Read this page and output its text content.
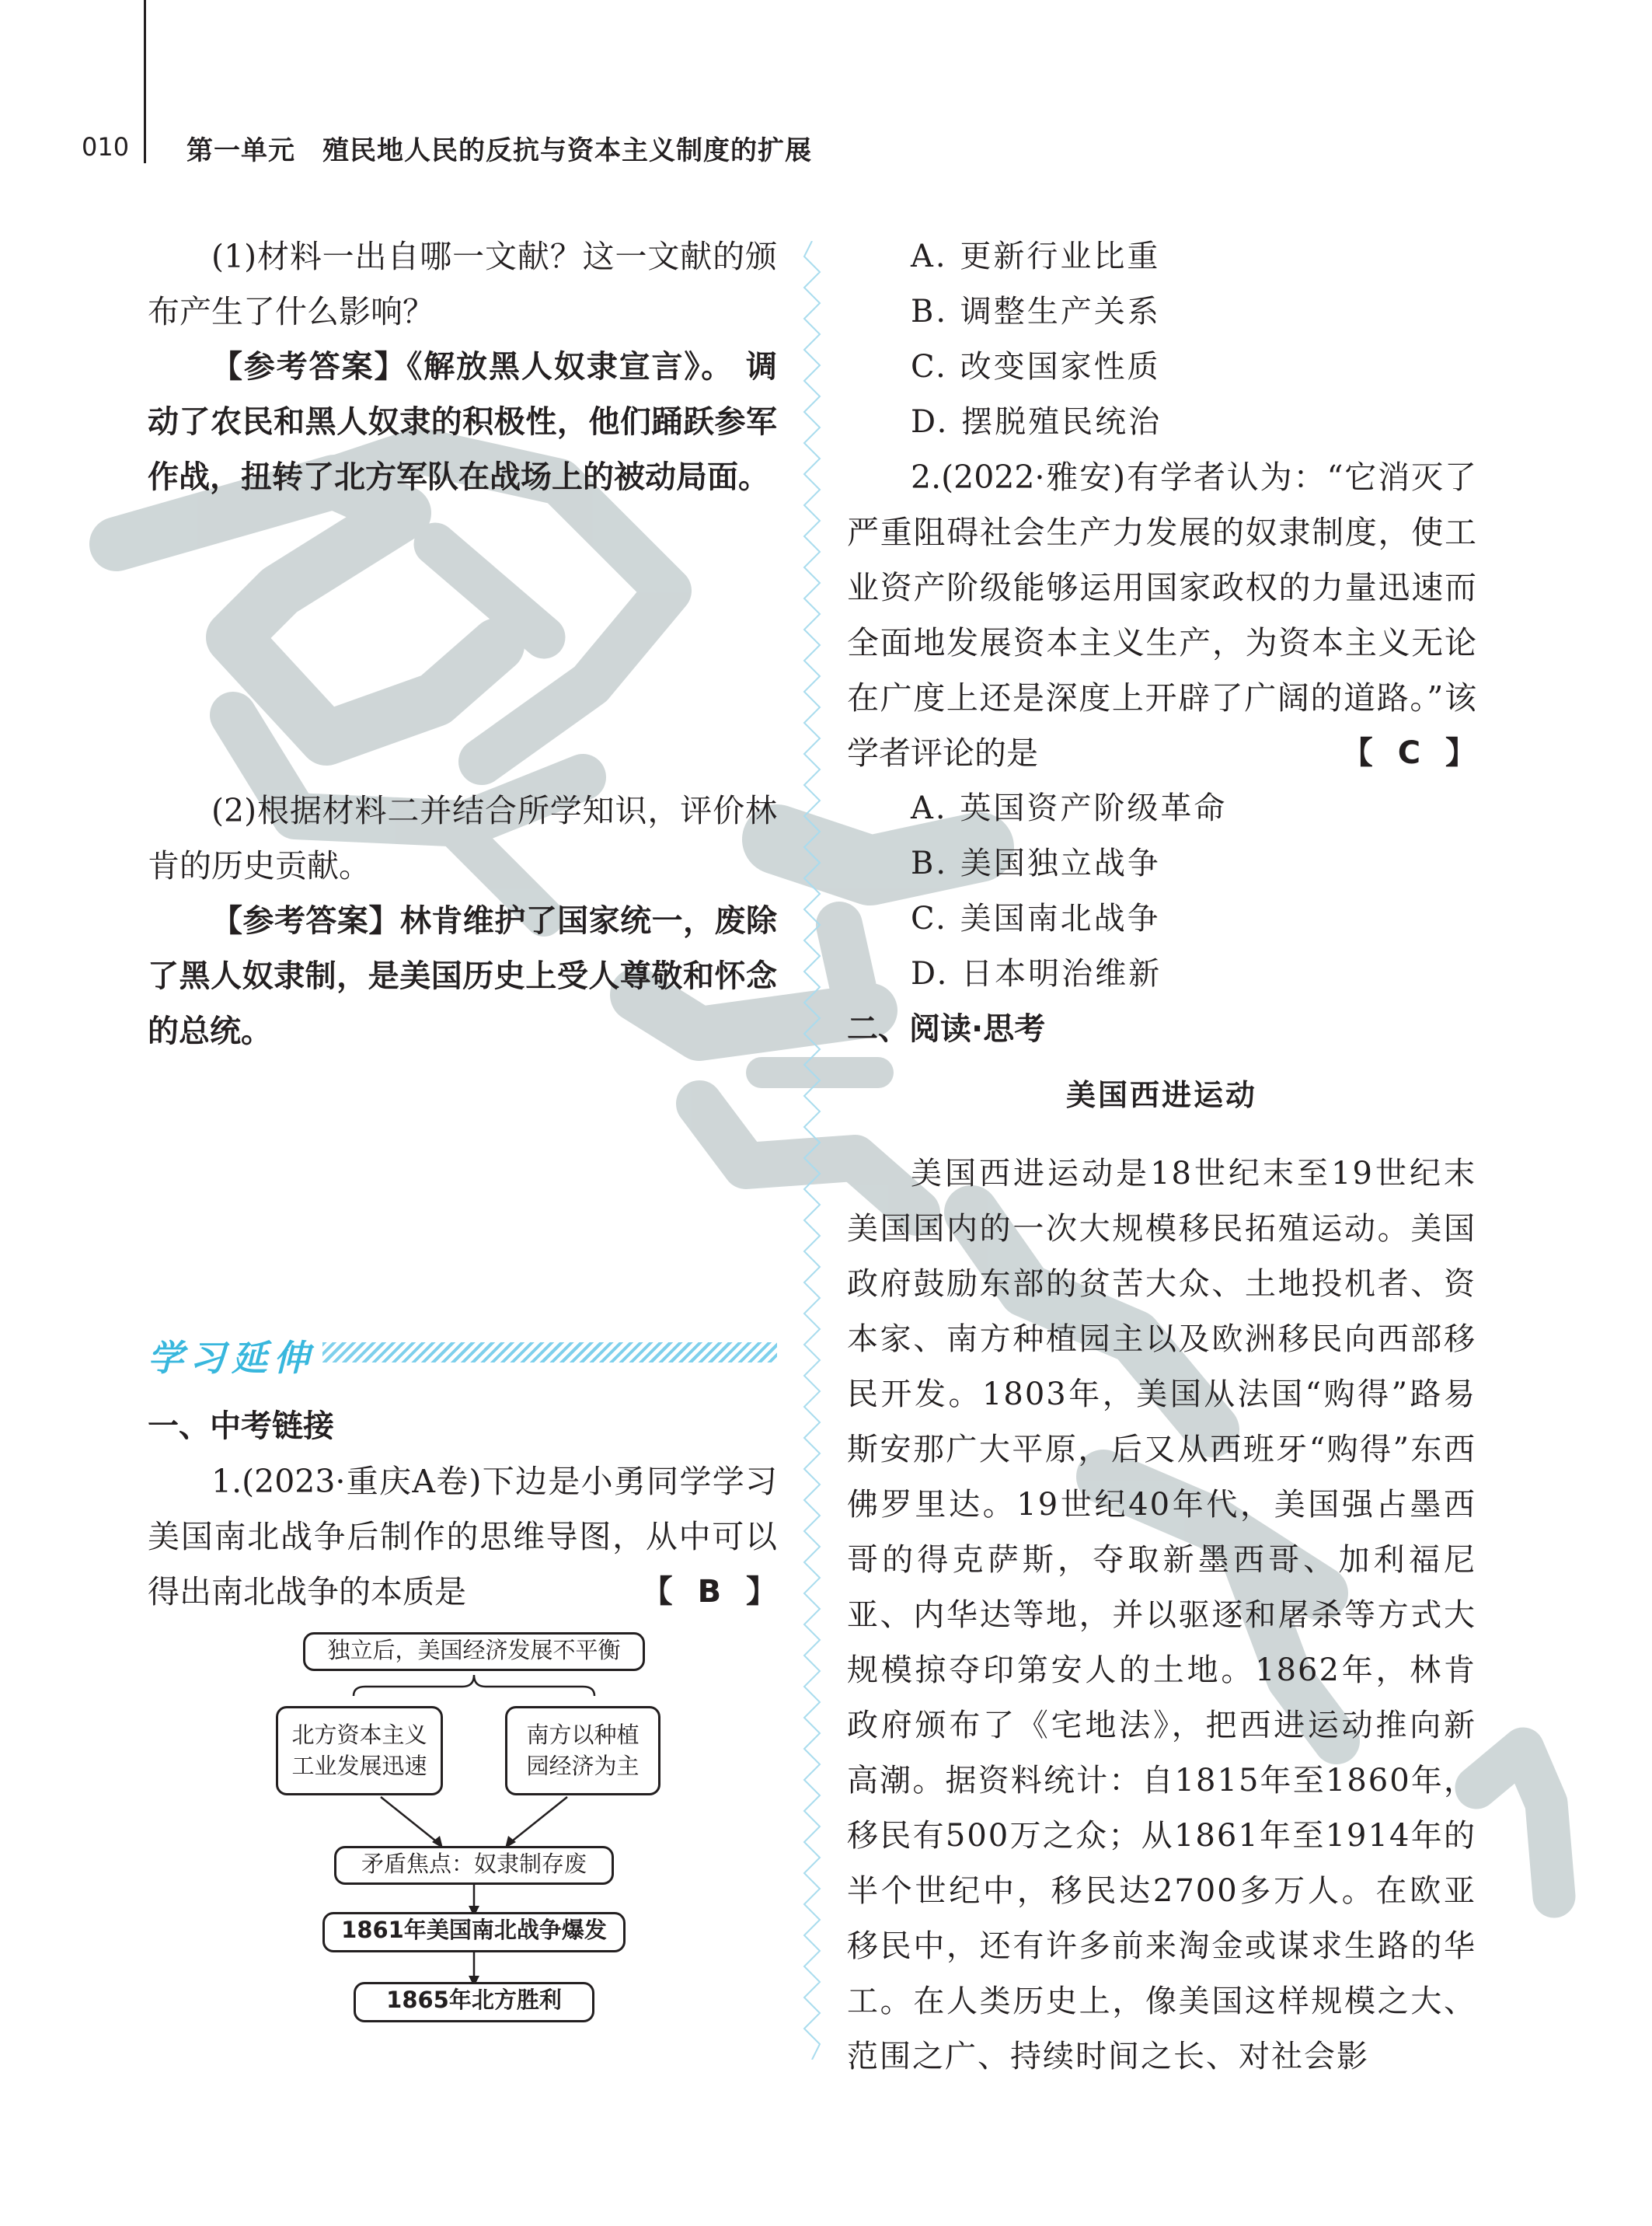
010 第一单元　殖民地人民的反抗与资本主义制度的扩展

(1)材料一出自哪一文献？这一文献的颁布产生了什么影响？

【参考答案】《解放黑人奴隶宣言》。 调动了农民和黑人奴隶的积极性，他们踊跃参军作战，扭转了北方军队在战场上的被动局面。

(2)根据材料二并结合所学知识，评价林肯的历史贡献。

【参考答案】林肯维护了国家统一，废除了黑人奴隶制，是美国历史上受人尊敬和怀念的总统。

学习延伸
一、中考链接

1.(2023·重庆A卷)下边是小勇同学学习美国南北战争后制作的思维导图，从中可以得出南北战争的本质是	【 B 】

独立后，美国经济发展不平衡
北方资本主义工业发展迅速
南方以种植园经济为主
矛盾焦点：奴隶制存废
1861年美国南北战争爆发
1865年北方胜利
A. 更新行业比重
B. 调整生产关系
C. 改变国家性质
D. 摆脱殖民统治

2.(2022·雅安)有学者认为：“它消灭了严重阻碍社会生产力发展的奴隶制度，使工业资产阶级能够运用国家政权的力量迅速而全面地发展资本主义生产，为资本主义无论在广度上还是深度上开辟了广阔的道路。”该学者评论的是	【 C 】

A. 英国资产阶级革命
B. 美国独立战争
C. 美国南北战争
D. 日本明治维新
二、阅读·思考
美国西进运动

美国西进运动是18世纪末至19世纪末美国国内的一次大规模移民拓殖运动。美国政府鼓励东部的贫苦大众、土地投机者、资本家、南方种植园主以及欧洲移民向西部移民开发。1803年，美国从法国“购得”路易斯安那广大平原，后又从西班牙“购得”东西佛罗里达。19世纪40年代，美国强占墨西哥的得克萨斯，夺取新墨西哥、加利福尼亚、内华达等地，并以驱逐和屠杀等方式大规模掠夺印第安人的土地。1862年，林肯政府颁布了《宅地法》，把西进运动推向新高潮。据资料统计：自1815年至1860年，移民有500万之众；从1861年至1914年的半个世纪中，移民达2700多万人。在欧亚移民中，还有许多前来淘金或谋求生路的华工。在人类历史上，像美国这样规模之大、范围之广、持续时间之长、对社会影
